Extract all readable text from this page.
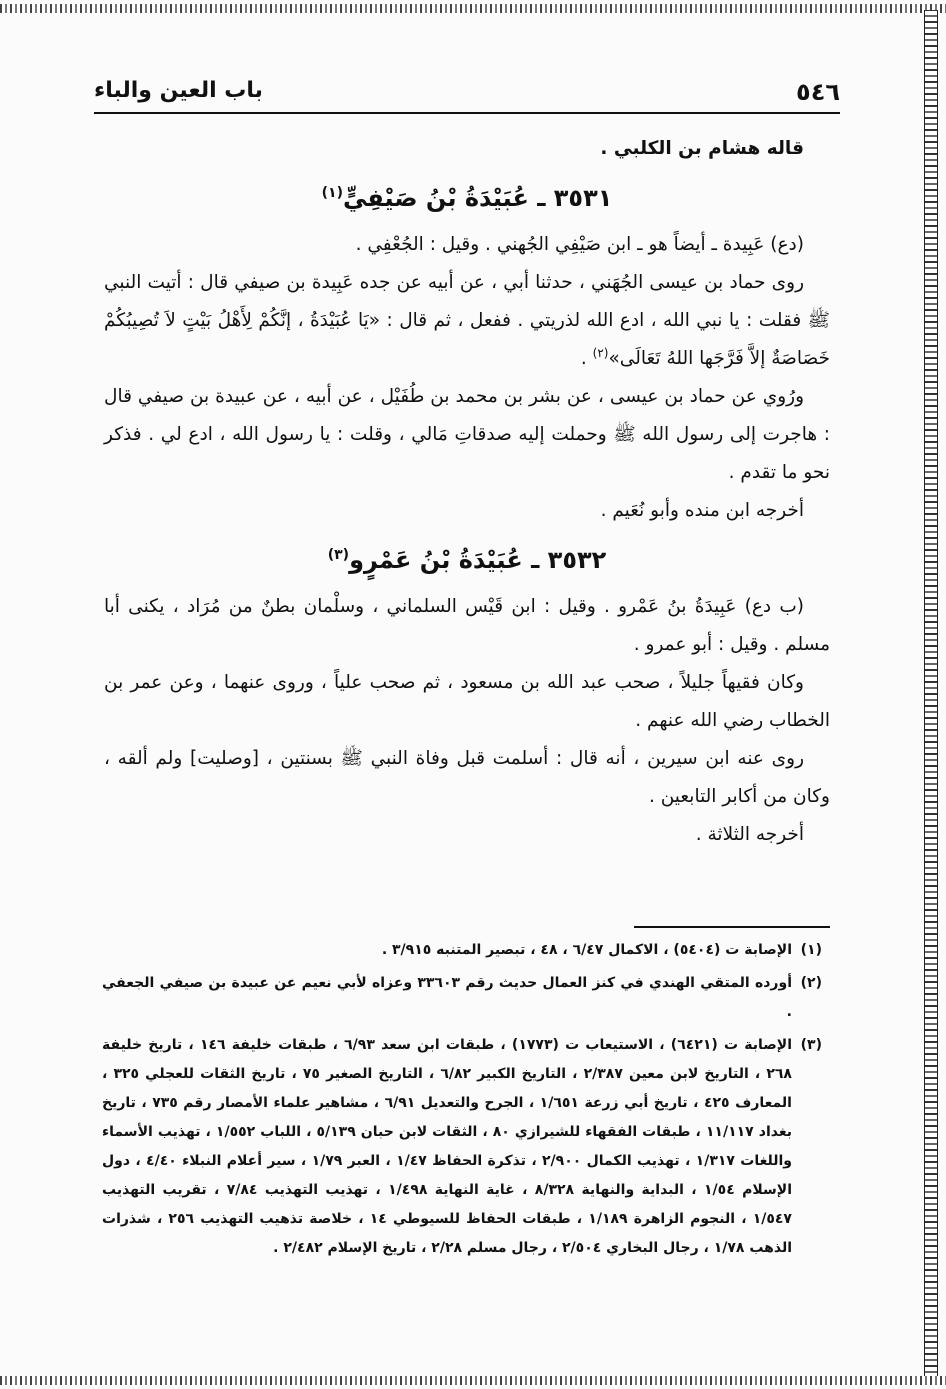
٥٤٦
باب العين والباء

قاله هشام بن الكلبي .

٣٥٣١ ـ عُبَيْدَةُ بْنُ صَيْفِيٍّ$^{(١)}$

(دع) عَبِيدة ـ أيضاً هو ـ ابن صَيْفِي الجُهني . وقيل : الجُعْفِي .

روى حماد بن عيسى الجُهَني ، حدثنا أبي ، عن أبيه عن جده عَبِيدة بن صيفي قال : أتيت النبي ﷺ فقلت : يا نبي الله ، ادع الله لذريتي . ففعل ، ثم قال : «يَا عُبَيْدَةُ ، إنَّكُمْ لِأَهْلُ بَيْتٍ لاَ تُصِيبُكُمْ خَصَاصَةٌ إلاَّ فَرَّجَها اللهُ تَعَالَى»$^{(٢)}$ .

ورُوي عن حماد بن عيسى ، عن بشر بن محمد بن طُفَيْل ، عن أبيه ، عن عبيدة بن صيفي قال : هاجرت إلى رسول الله ﷺ وحملت إليه صدقاتِ مَالي ، وقلت : يا رسول الله ، ادع لي . فذكر نحو ما تقدم .

أخرجه ابن منده وأبو نُعَيم .

٣٥٣٢ ـ عُبَيْدَةُ بْنُ عَمْرٍو$^{(٣)}$

(ب دع) عَبِيدَةُ بنُ عَمْرو . وقيل : ابن قَيْس السلماني ، وسلْمان بطنٌ من مُرَاد ، يكنى أبا مسلم . وقيل : أبو عمرو .

وكان فقيهاً جليلاً ، صحب عبد الله بن مسعود ، ثم صحب علياً ، وروى عنهما ، وعن عمر بن الخطاب رضي الله عنهم .

روى عنه ابن سيرين ، أنه قال : أسلمت قبل وفاة النبي ﷺ بسنتين ، [وصليت] ولم ألقه ، وكان من أكابر التابعين .

أخرجه الثلاثة .

(١)
الإصابة ت (٥٤٠٤) ، الاكمال ٦/٤٧ ، ٤٨ ، تبصير المتنبه ٣/٩١٥ .

(٢)
أورده المتقي الهندي في كنز العمال حديث رقم ٣٣٦٠٣ وعزاه لأبي نعيم عن عبيدة بن صيفي الجعفي .

(٣)
الإصابة ت (٦٤٢١) ، الاستيعاب ت (١٧٧٣) ، طبقات ابن سعد ٦/٩٣ ، طبقات خليفة ١٤٦ ، تاريخ خليفة ٢٦٨ ، التاريخ لابن معين ٢/٣٨٧ ، التاريخ الكبير ٦/٨٢ ، التاريخ الصغير ٧٥ ، تاريخ الثقات للعجلي ٣٢٥ ، المعارف ٤٢٥ ، تاريخ أبي زرعة ١/٦٥١ ، الجرح والتعديل ٦/٩١ ، مشاهير علماء الأمصار رقم ٧٣٥ ، تاريخ بغداد ١١/١١٧ ، طبقات الفقهاء للشيرازي ٨٠ ، الثقات لابن حبان ٥/١٣٩ ، اللباب ١/٥٥٢ ، تهذيب الأسماء واللغات ١/٣١٧ ، تهذيب الكمال ٢/٩٠٠ ، تذكرة الحفاظ ١/٤٧ ، العبر ١/٧٩ ، سير أعلام النبلاء ٤/٤٠ ، دول الإسلام ١/٥٤ ، البداية والنهاية ٨/٣٢٨ ، غاية النهاية ١/٤٩٨ ، تهذيب التهذيب ٧/٨٤ ، تقريب التهذيب ١/٥٤٧ ، النجوم الزاهرة ١/١٨٩ ، طبقات الحفاظ للسيوطي ١٤ ، خلاصة تذهيب التهذيب ٢٥٦ ، شذرات الذهب ١/٧٨ ، رجال البخاري ٢/٥٠٤ ، رجال مسلم ٢/٢٨ ، تاريخ الإسلام ٢/٤٨٢ .
